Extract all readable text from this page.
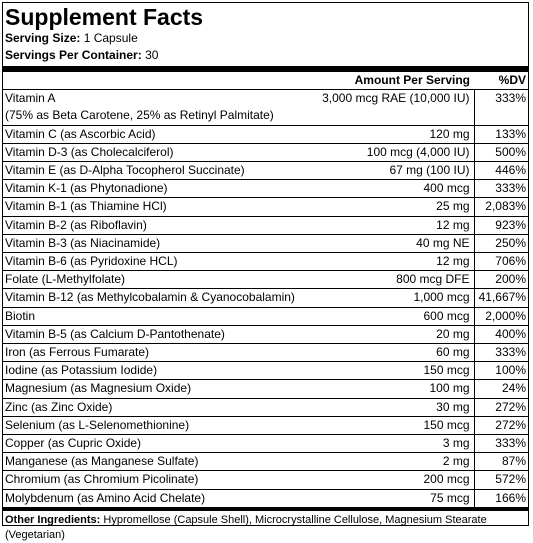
Supplement Facts
Serving Size: 1 Capsule
Servings Per Container: 30
	Amount Per Serving	%DV
Vitamin A	3,000 mcg RAE (10,000 IU)	333%
(75% as Beta Carotene, 25% as Retinyl Palmitate)		
Vitamin C (as Ascorbic Acid)	120 mg	133%
Vitamin D-3 (as Cholecalciferol)	100 mcg (4,000 IU)	500%
Vitamin E (as D-Alpha Tocopherol Succinate)	67 mg (100 IU)	446%
Vitamin K-1 (as Phytonadione)	400 mcg	333%
Vitamin B-1 (as Thiamine HCl)	25 mg	2,083%
Vitamin B-2 (as Riboflavin)	12 mg	923%
Vitamin B-3 (as Niacinamide)	40 mg NE	250%
Vitamin B-6 (as Pyridoxine HCL)	12 mg	706%
Folate (L-Methylfolate)	800 mcg DFE	200%
Vitamin B-12 (as Methylcobalamin & Cyanocobalamin)	1,000 mcg	41,667%
Biotin	600 mcg	2,000%
Vitamin B-5 (as Calcium D-Pantothenate)	20 mg	400%
Iron (as Ferrous Fumarate)	60 mg	333%
Iodine (as Potassium Iodide)	150 mcg	100%
Magnesium (as Magnesium Oxide)	100 mg	24%
Zinc (as Zinc Oxide)	30 mg	272%
Selenium (as L-Selenomethionine)	150 mcg	272%
Copper (as Cupric Oxide)	3 mg	333%
Manganese (as Manganese Sulfate)	2 mg	87%
Chromium (as Chromium Picolinate)	200 mcg	572%
Molybdenum (as Amino Acid Chelate)	75 mcg	166%
Other Ingredients: Hypromellose (Capsule Shell), Microcrystalline Cellulose, Magnesium Stearate (Vegetarian)
